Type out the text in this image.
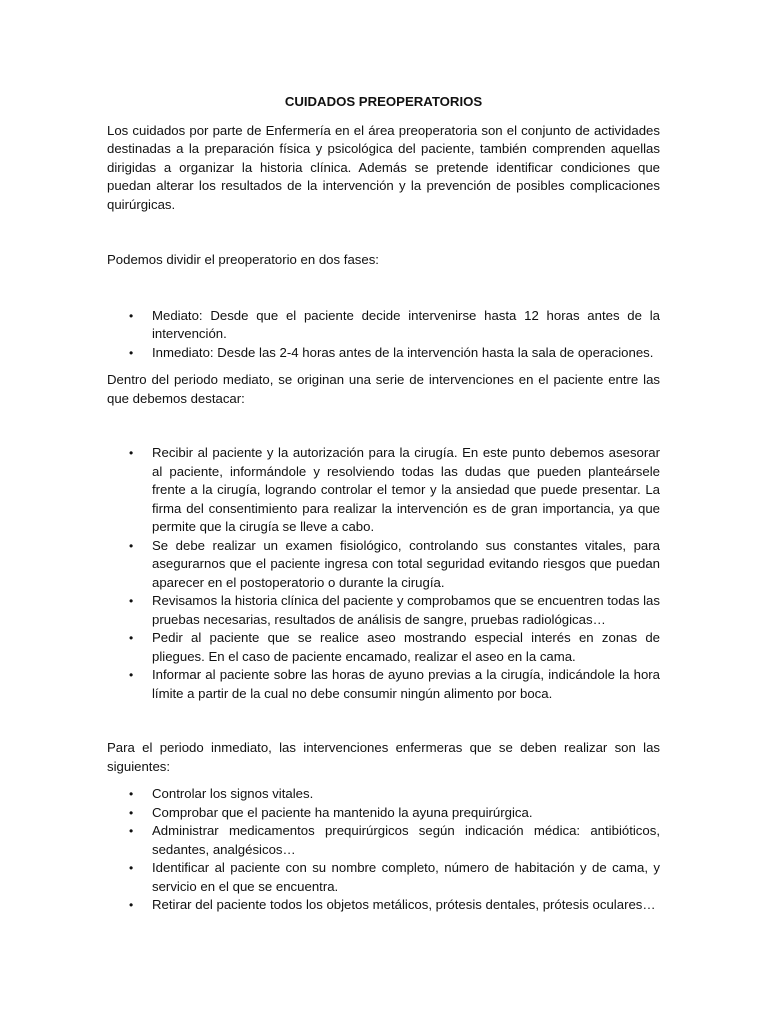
CUIDADOS PREOPERATORIOS

Los cuidados por parte de Enfermería en el área preoperatoria son el conjunto de actividades destinadas a la preparación física y psicológica del paciente, también comprenden aquellas dirigidas a organizar la historia clínica. Además se pretende identificar condiciones que puedan alterar los resultados de la intervención y la prevención de posibles complicaciones quirúrgicas.

Podemos dividir el preoperatorio en dos fases:

• Mediato: Desde que el paciente decide intervenirse hasta 12 horas antes de la intervención.
• Inmediato: Desde las 2-4 horas antes de la intervención hasta la sala de operaciones.

Dentro del periodo mediato, se originan una serie de intervenciones en el paciente entre las que debemos destacar:

• Recibir al paciente y la autorización para la cirugía. En este punto debemos asesorar al paciente, informándole y resolviendo todas las dudas que pueden planteársele frente a la cirugía, logrando controlar el temor y la ansiedad que puede presentar. La firma del consentimiento para realizar la intervención es de gran importancia, ya que permite que la cirugía se lleve a cabo.
• Se debe realizar un examen fisiológico, controlando sus constantes vitales, para asegurarnos que el paciente ingresa con total seguridad evitando riesgos que puedan aparecer en el postoperatorio o durante la cirugía.
• Revisamos la historia clínica del paciente y comprobamos que se encuentren todas las pruebas necesarias, resultados de análisis de sangre, pruebas radiológicas…
• Pedir al paciente que se realice aseo mostrando especial interés en zonas de pliegues. En el caso de paciente encamado, realizar el aseo en la cama.
• Informar al paciente sobre las horas de ayuno previas a la cirugía, indicándole la hora límite a partir de la cual no debe consumir ningún alimento por boca.

Para el periodo inmediato, las intervenciones enfermeras que se deben realizar son las siguientes:

• Controlar los signos vitales.
• Comprobar que el paciente ha mantenido la ayuna prequirúrgica.
• Administrar medicamentos prequirúrgicos según indicación médica: antibióticos, sedantes, analgésicos…
• Identificar al paciente con su nombre completo, número de habitación y de cama, y servicio en el que se encuentra.
• Retirar del paciente todos los objetos metálicos, prótesis dentales, prótesis oculares…
